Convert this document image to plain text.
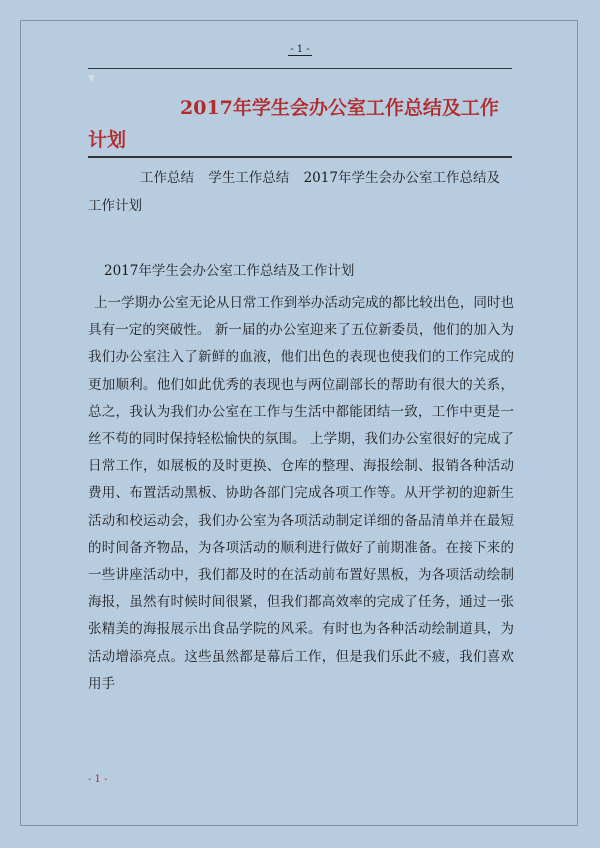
- 1 -
▼
2017年学生会办公室工作总结及工作计划
工作总结 学生工作总结 2017年学生会办公室工作总结及工作计划
2017年学生会办公室工作总结及工作计划
上一学期办公室无论从日常工作到举办活动完成的都比较出色，同时也具有一定的突破性。 新一届的办公室迎来了五位新委员，他们的加入为我们办公室注入了新鲜的血液，他们出色的表现也使我们的工作完成的更加顺利。他们如此优秀的表现也与两位副部长的帮助有很大的关系，总之，我认为我们办公室在工作与生活中都能团结一致，工作中更是一丝不苟的同时保持轻松愉快的氛围。 上学期，我们办公室很好的完成了日常工作，如展板的及时更换、仓库的整理、海报绘制、报销各种活动费用、布置活动黑板、协助各部门完成各项工作等。从开学初的迎新生活动和校运动会，我们办公室为各项活动制定详细的备品清单并在最短的时间备齐物品，为各项活动的顺利进行做好了前期准备。在接下来的一些讲座活动中，我们都及时的在活动前布置好黑板，为各项活动绘制海报，虽然有时候时间很紧，但我们都高效率的完成了任务，通过一张张精美的海报展示出食品学院的风采。有时也为各种活动绘制道具，为活动增添亮点。这些虽然都是幕后工作，但是我们乐此不疲，我们喜欢用手
- 1 -
